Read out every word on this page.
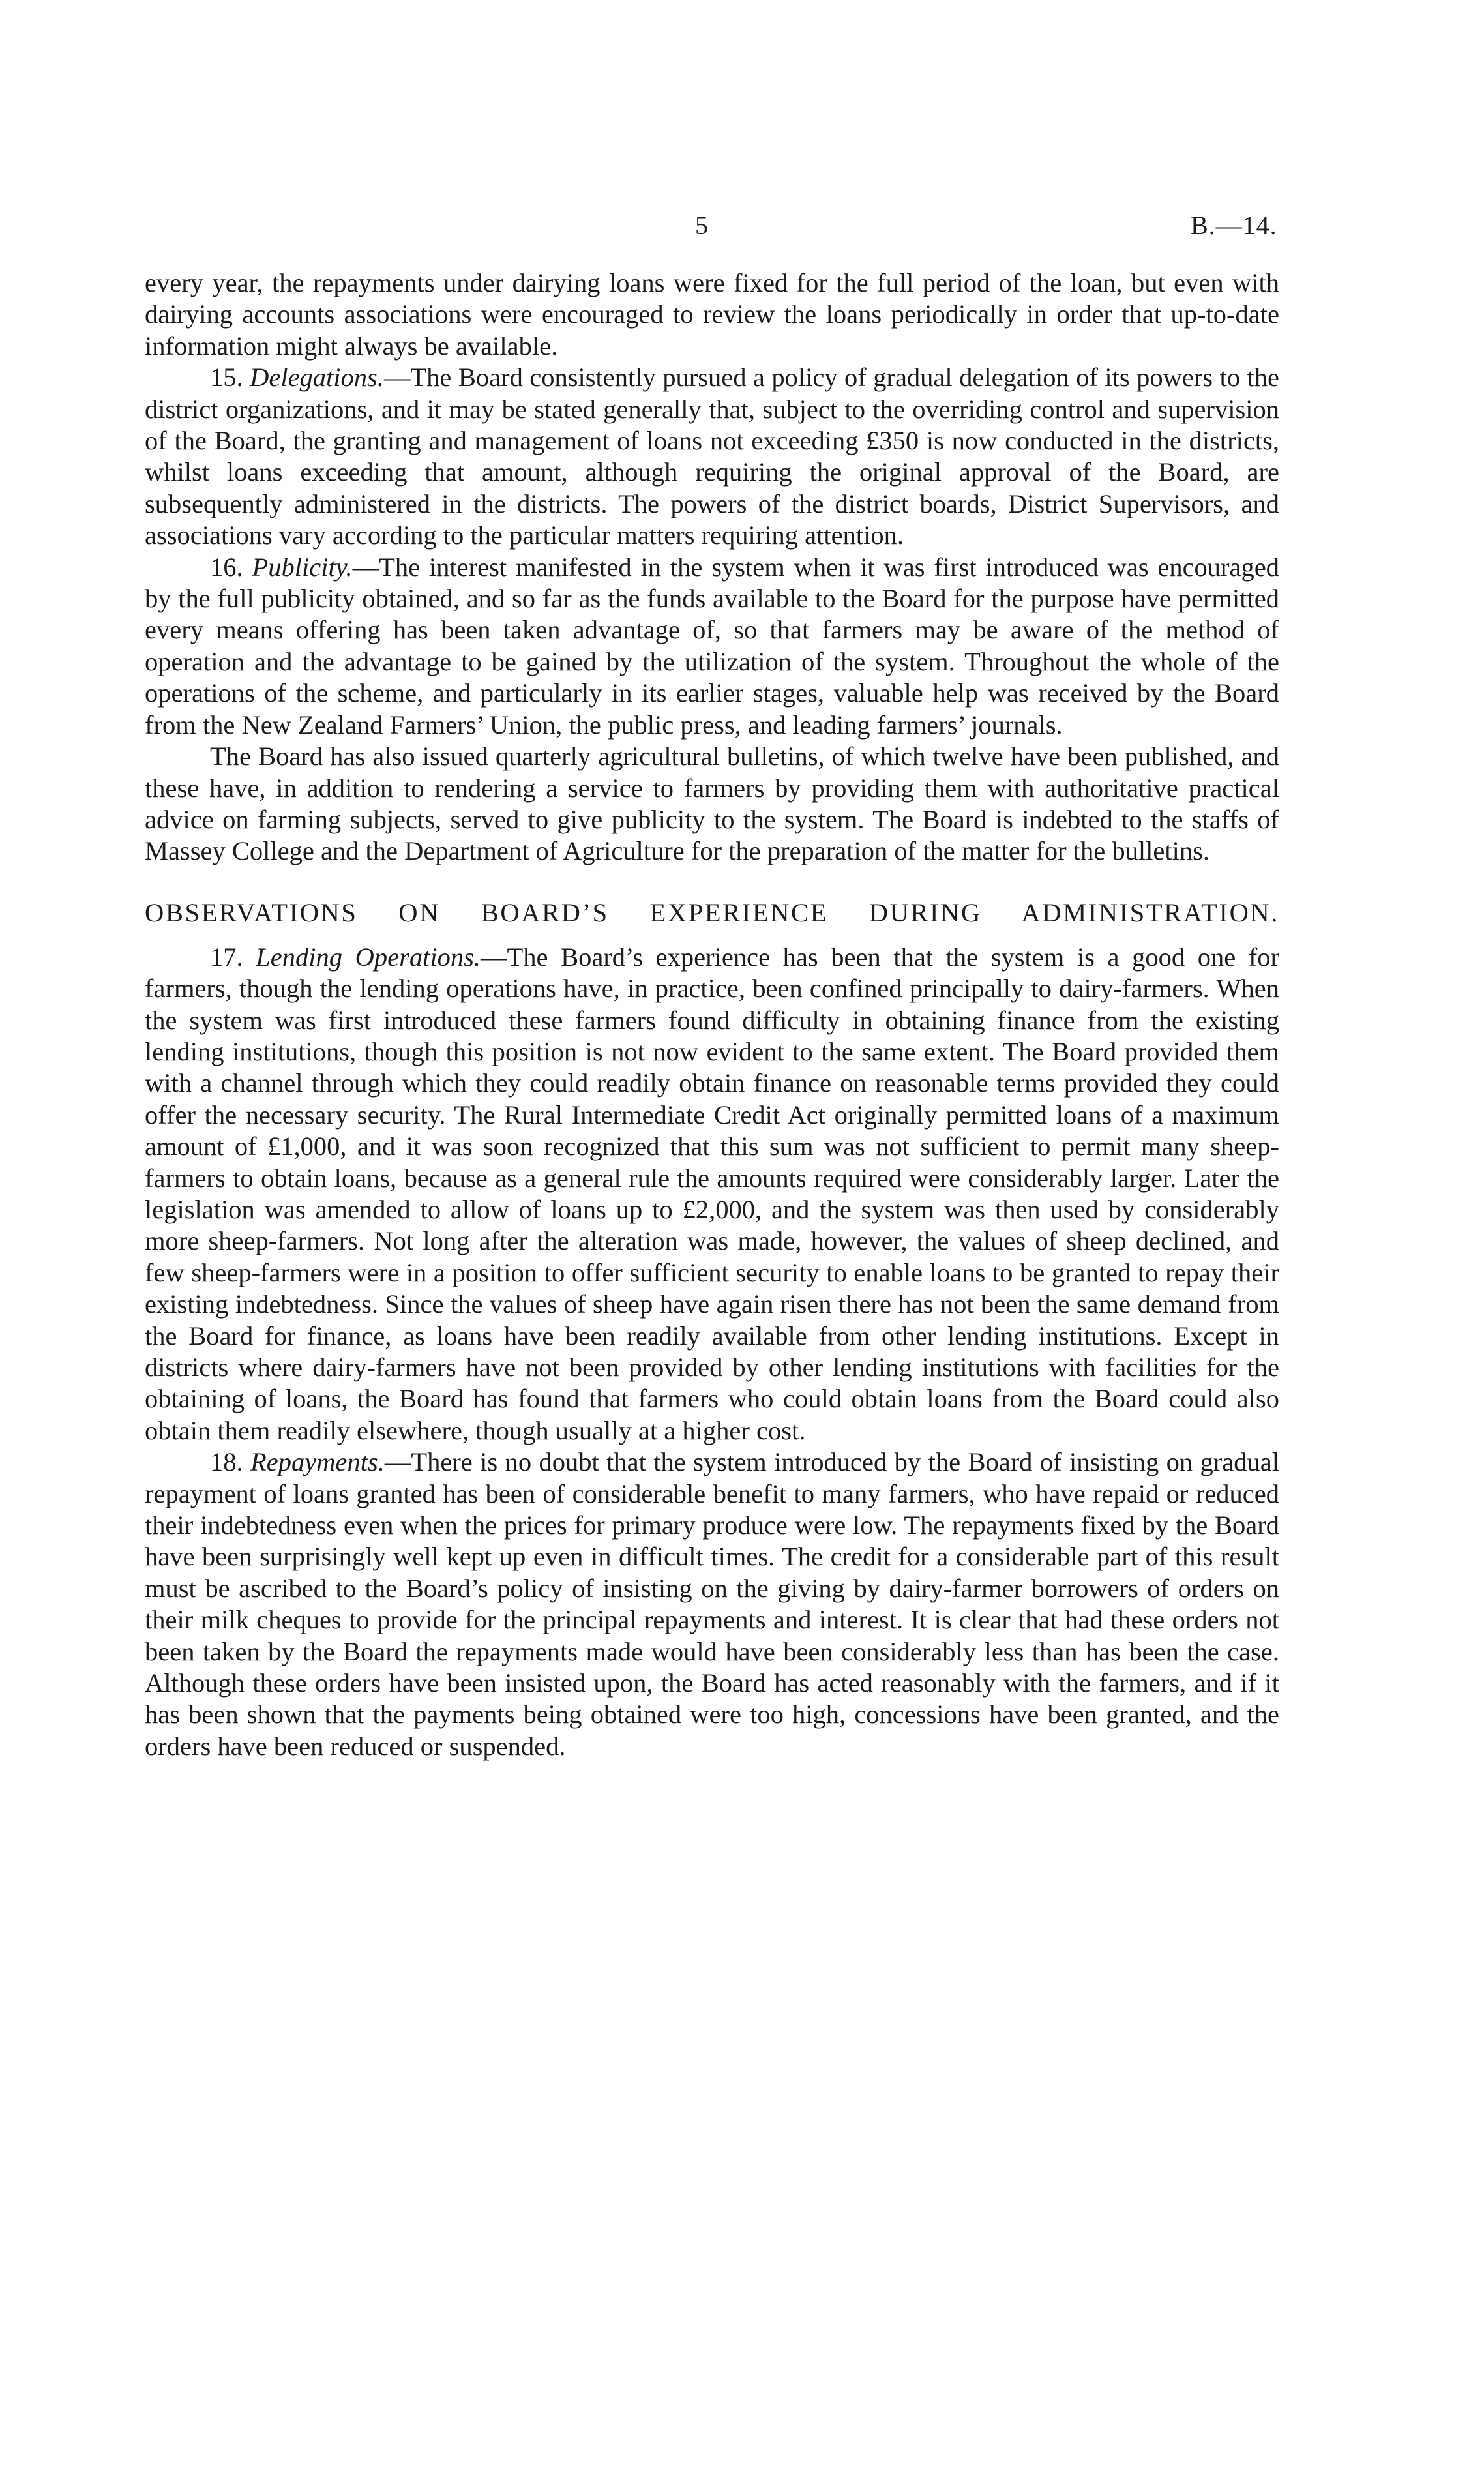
5	B.—14.

every year, the repayments under dairying loans were fixed for the full period of the loan, but even with dairying accounts associations were encouraged to review the loans periodically in order that up-to-date information might always be available.

15. Delegations.—The Board consistently pursued a policy of gradual delegation of its powers to the district organizations, and it may be stated generally that, subject to the overriding control and supervision of the Board, the granting and management of loans not exceeding £350 is now conducted in the districts, whilst loans exceeding that amount, although requiring the original approval of the Board, are subsequently administered in the districts. The powers of the district boards, District Supervisors, and associations vary according to the particular matters requiring attention.

16. Publicity.—The interest manifested in the system when it was first introduced was encouraged by the full publicity obtained, and so far as the funds available to the Board for the purpose have permitted every means offering has been taken advantage of, so that farmers may be aware of the method of operation and the advantage to be gained by the utilization of the system. Throughout the whole of the operations of the scheme, and particularly in its earlier stages, valuable help was received by the Board from the New Zealand Farmers’ Union, the public press, and leading farmers’ journals.

The Board has also issued quarterly agricultural bulletins, of which twelve have been published, and these have, in addition to rendering a service to farmers by providing them with authoritative practical advice on farming subjects, served to give publicity to the system. The Board is indebted to the staffs of Massey College and the Department of Agriculture for the preparation of the matter for the bulletins.

OBSERVATIONS ON BOARD’S EXPERIENCE DURING ADMINISTRATION.

17. Lending Operations.—The Board’s experience has been that the system is a good one for farmers, though the lending operations have, in practice, been confined principally to dairy-farmers. When the system was first introduced these farmers found difficulty in obtaining finance from the existing lending institutions, though this position is not now evident to the same extent. The Board provided them with a channel through which they could readily obtain finance on reasonable terms provided they could offer the necessary security. The Rural Intermediate Credit Act originally permitted loans of a maximum amount of £1,000, and it was soon recognized that this sum was not sufficient to permit many sheep-farmers to obtain loans, because as a general rule the amounts required were considerably larger. Later the legislation was amended to allow of loans up to £2,000, and the system was then used by considerably more sheep-farmers. Not long after the alteration was made, however, the values of sheep declined, and few sheep-farmers were in a position to offer sufficient security to enable loans to be granted to repay their existing indebtedness. Since the values of sheep have again risen there has not been the same demand from the Board for finance, as loans have been readily available from other lending institutions. Except in districts where dairy-farmers have not been provided by other lending institutions with facilities for the obtaining of loans, the Board has found that farmers who could obtain loans from the Board could also obtain them readily elsewhere, though usually at a higher cost.

18. Repayments.—There is no doubt that the system introduced by the Board of insisting on gradual repayment of loans granted has been of considerable benefit to many farmers, who have repaid or reduced their indebtedness even when the prices for primary produce were low. The repayments fixed by the Board have been surprisingly well kept up even in difficult times. The credit for a considerable part of this result must be ascribed to the Board’s policy of insisting on the giving by dairy-farmer borrowers of orders on their milk cheques to provide for the principal repayments and interest. It is clear that had these orders not been taken by the Board the repayments made would have been considerably less than has been the case. Although these orders have been insisted upon, the Board has acted reasonably with the farmers, and if it has been shown that the payments being obtained were too high, concessions have been granted, and the orders have been reduced or suspended.
